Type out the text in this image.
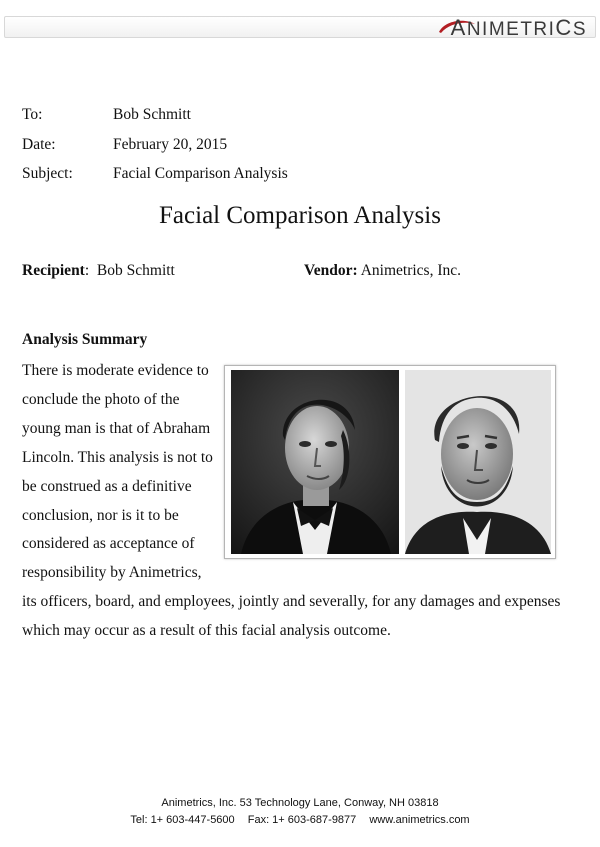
ANIMETRICS
To:	Bob Schmitt
Date:	February 20, 2015
Subject:	Facial Comparison Analysis
Facial Comparison Analysis
Recipient:  Bob Schmitt	Vendor: Animetrics, Inc.
Analysis Summary
There is moderate evidence to conclude the photo of the young man is that of Abraham Lincoln. This analysis is not to be construed as a definitive conclusion, nor is it to be considered as acceptance of responsibility by Animetrics, its officers, board, and employees, jointly and severally, for any damages and expenses which may occur as a result of this facial analysis outcome.
Animetrics, Inc. 53 Technology Lane, Conway, NH 03818
Tel: 1+ 603-447-5600 Fax: 1+ 603-687-9877 www.animetrics.com
